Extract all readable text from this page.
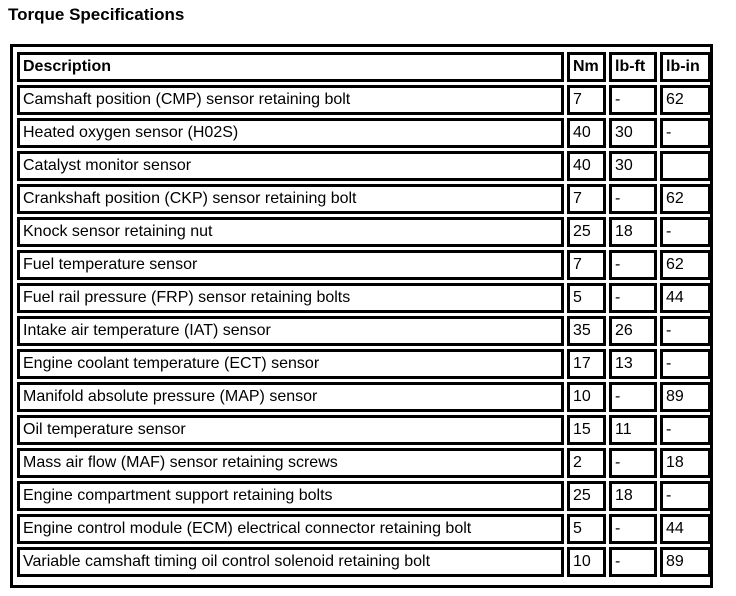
Torque Specifications
Description	Nm	lb-ft	lb-in
Camshaft position (CMP) sensor retaining bolt	7	-	62
Heated oxygen sensor (H02S)	40	30	-
Catalyst monitor sensor	40	30	
Crankshaft position (CKP) sensor retaining bolt	7	-	62
Knock sensor retaining nut	25	18	-
Fuel temperature sensor	7	-	62
Fuel rail pressure (FRP) sensor retaining bolts	5	-	44
Intake air temperature (IAT) sensor	35	26	-
Engine coolant temperature (ECT) sensor	17	13	-
Manifold absolute pressure (MAP) sensor	10	-	89
Oil temperature sensor	15	11	-
Mass air flow (MAF) sensor retaining screws	2	-	18
Engine compartment support retaining bolts	25	18	-
Engine control module (ECM) electrical connector retaining bolt	5	-	44
Variable camshaft timing oil control solenoid retaining bolt	10	-	89
